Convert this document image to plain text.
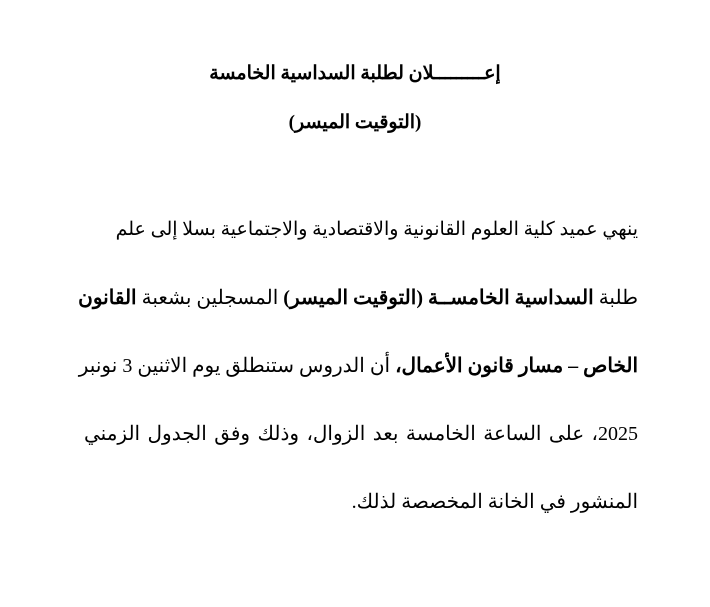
إعـــــــــلان لطلبة السداسية الخامسة
(التوقيت الميسر)
ينهي عميد كلية العلوم القانونية والاقتصادية والاجتماعية بسلا إلى علم
طلبة السداسية الخامســة (التوقيت الميسر) المسجلين بشعبة القانون
الخاص – مسار قانون الأعمال، أن الدروس ستنطلق يوم الاثنين 3 نونبر
2025، على الساعة الخامسة بعد الزوال، وذلك وفق الجدول الزمني
المنشور في الخانة المخصصة لذلك.
